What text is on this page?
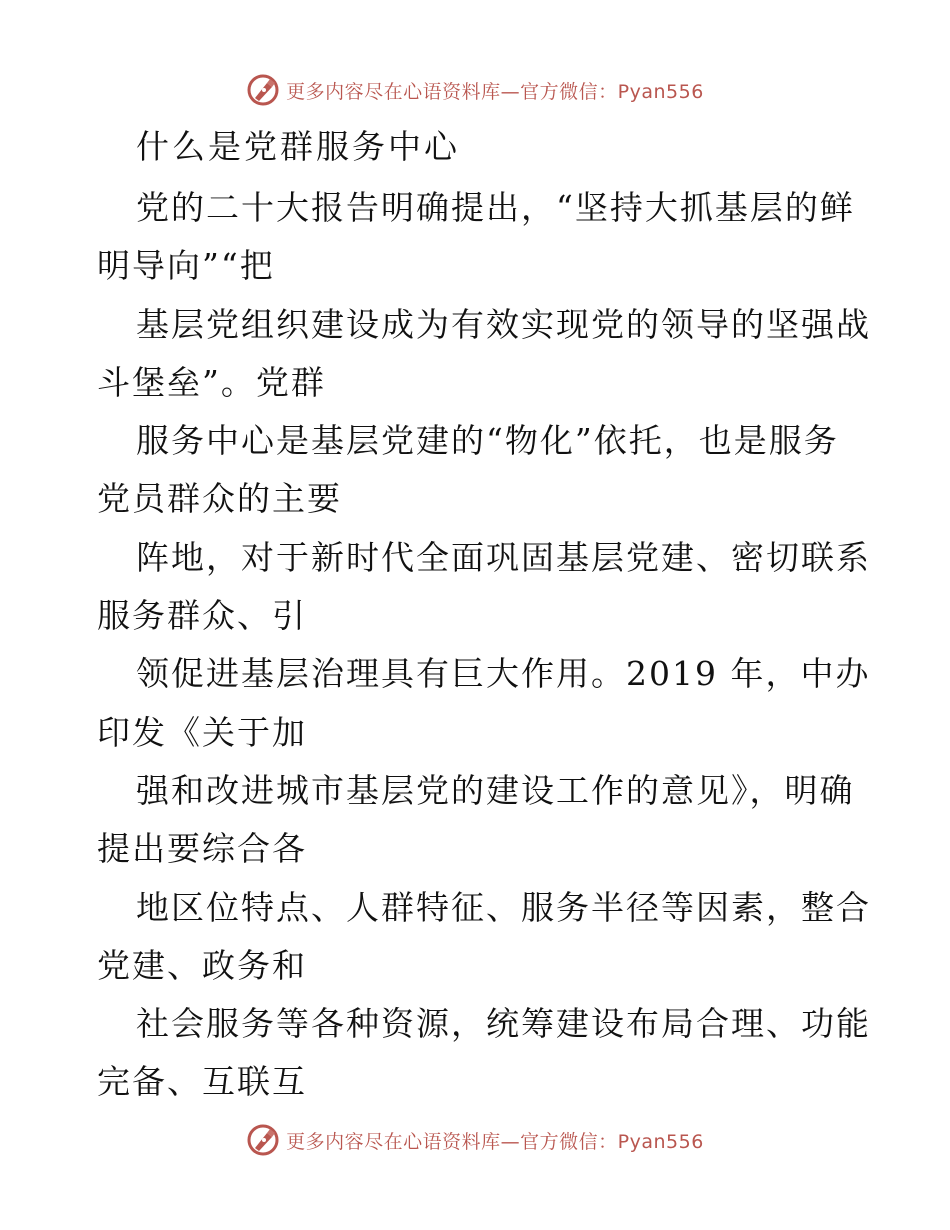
更多内容尽在心语资料库—官方微信：Pyan556
什么是党群服务中心
党的二十大报告明确提出，“坚持大抓基层的鲜
明导向”“把
基层党组织建设成为有效实现党的领导的坚强战
斗堡垒”。党群
服务中心是基层党建的“物化”依托，也是服务
党员群众的主要
阵地，对于新时代全面巩固基层党建、密切联系
服务群众、引
领促进基层治理具有巨大作用。2019 年，中办
印发《关于加
强和改进城市基层党的建设工作的意见》，明确
提出要综合各
地区位特点、人群特征、服务半径等因素，整合
党建、政务和
社会服务等各种资源，统筹建设布局合理、功能
完备、互联互
更多内容尽在心语资料库—官方微信：Pyan556
